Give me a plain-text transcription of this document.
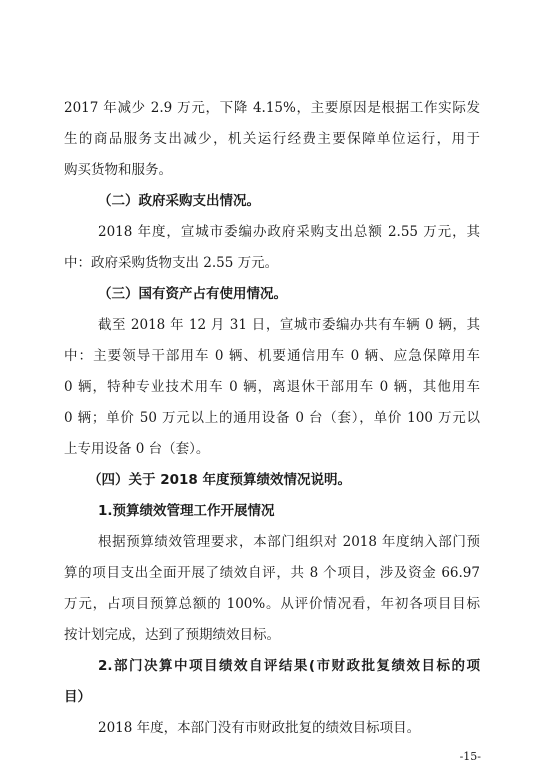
2017 年减少 2.9 万元，下降 4.15%，主要原因是根据工作实际发
生的商品服务支出减少，机关运行经费主要保障单位运行，用于
购买货物和服务。
（二）政府采购支出情况。
2018 年度，宣城市委编办政府采购支出总额 2.55 万元，其
中：政府采购货物支出 2.55 万元。
（三）国有资产占有使用情况。
截至 2018 年 12 月 31 日，宣城市委编办共有车辆 0 辆，其
中：主要领导干部用车 0 辆、机要通信用车 0 辆、应急保障用车
0 辆，特种专业技术用车 0 辆，离退休干部用车 0 辆，其他用车
0 辆；单价 50 万元以上的通用设备 0 台（套），单价 100 万元以
上专用设备 0 台（套）。
（四）关于 2018 年度预算绩效情况说明。
1.预算绩效管理工作开展情况
根据预算绩效管理要求，本部门组织对 2018 年度纳入部门预
算的项目支出全面开展了绩效自评，共 8 个项目，涉及资金 66.97
万元，占项目预算总额的 100%。从评价情况看，年初各项目目标
按计划完成，达到了预期绩效目标。
2.部门决算中项目绩效自评结果(市财政批复绩效目标的项
目）
2018 年度，本部门没有市财政批复的绩效目标项目。
-15-
